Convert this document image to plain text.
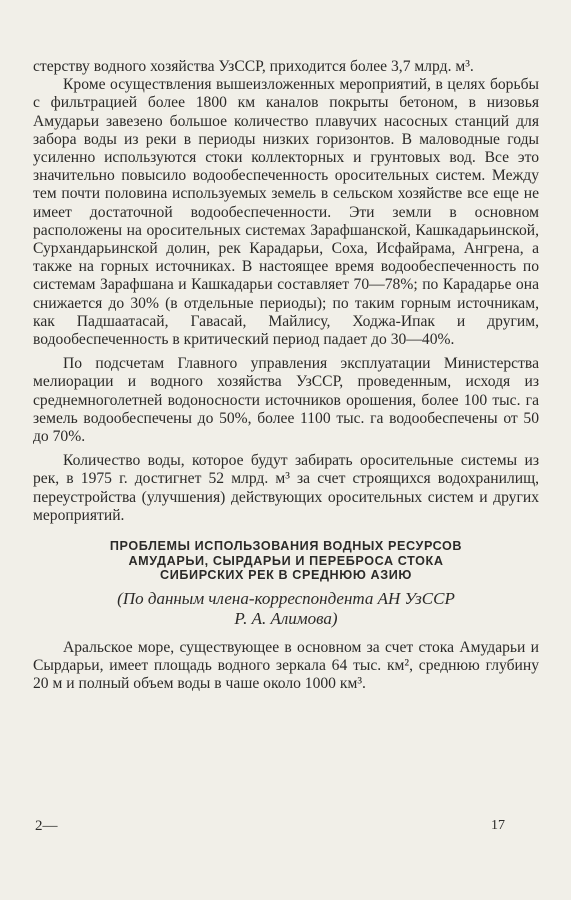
стерству водного хозяйства УзССР, приходится более 3,7 млрд. м³.

Кроме осуществления вышеизложенных мероприятий, в целях борьбы с фильтрацией более 1800 км каналов покрыты бетоном, в низовья Амударьи завезено большое количество плавучих насосных станций для забора воды из реки в периоды низких горизонтов. В маловодные годы усиленно используются стоки коллекторных и грунтовых вод. Все это значительно повысило водообеспеченность оросительных систем. Между тем почти половина используемых земель в сельском хозяйстве все еще не имеет достаточной водообеспеченности. Эти земли в основном расположены на оросительных системах Зарафшанской, Кашкадарьинской, Сурхандарьинской долин, рек Карадарьи, Соха, Исфайрама, Ангрена, а также на горных источниках. В настоящее время водообеспеченность по системам Зарафшана и Кашкадарьи составляет 70—78%; по Карадарье она снижается до 30% (в отдельные периоды); по таким горным источникам, как Падшаатасай, Гавасай, Майлису, Ходжа-Ипак и другим, водообеспеченность в критический период падает до 30—40%.

По подсчетам Главного управления эксплуатации Министерства мелиорации и водного хозяйства УзССР, проведенным, исходя из среднемноголетней водоносности источников орошения, более 100 тыс. га земель водообеспечены до 50%, более 1100 тыс. га водообеспечены от 50 до 70%.

Количество воды, которое будут забирать оросительные системы из рек, в 1975 г. достигнет 52 млрд. м³ за счет строящихся водохранилищ, переустройства (улучшения) действующих оросительных систем и других мероприятий.

ПРОБЛЕМЫ ИСПОЛЬЗОВАНИЯ ВОДНЫХ РЕСУРСОВ
АМУДАРЬИ, СЫРДАРЬИ И ПЕРЕБРОСА СТОКА
СИБИРСКИХ РЕК В СРЕДНЮЮ АЗИЮ
(По данным члена-корреспондента АН УзССР
Р. А. Алимова)

Аральское море, существующее в основном за счет стока Амударьи и Сырдарьи, имеет площадь водного зеркала 64 тыс. км², среднюю глубину 20 м и полный объем воды в чаше около 1000 км³.

2—	17
